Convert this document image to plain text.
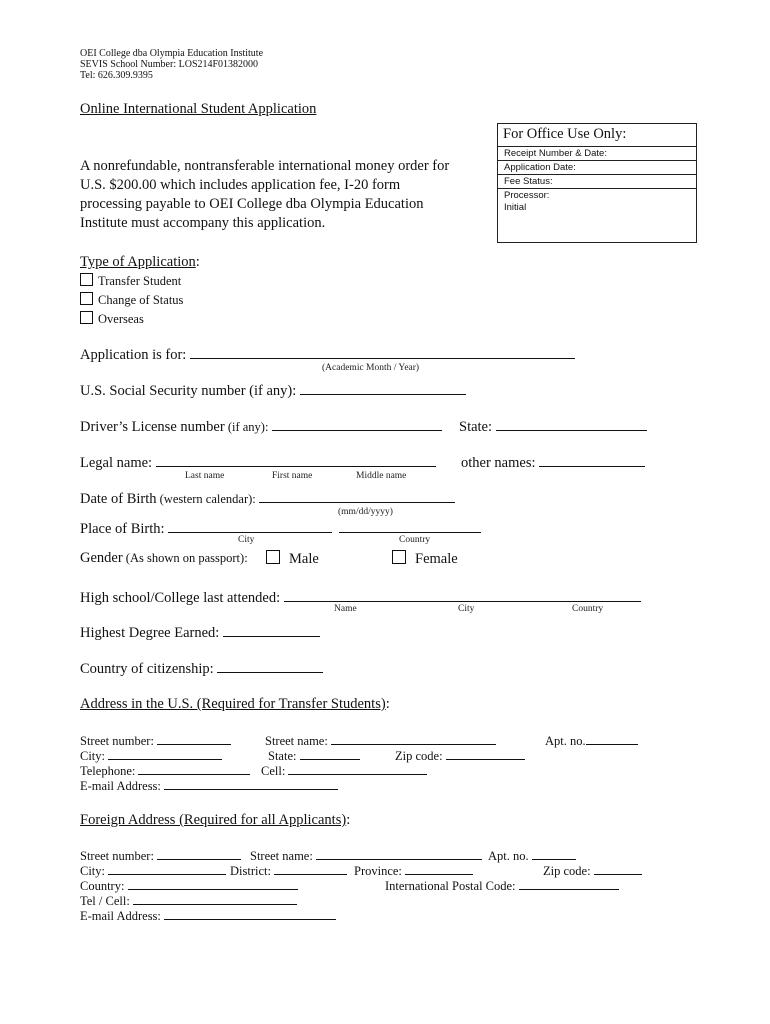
OEI College dba Olympia Education Institute
SEVIS School Number: LOS214F01382000
Tel: 626.309.9395
Online International Student Application
For Office Use Only:
Receipt Number & Date:
Application Date:
Fee Status:
Processor:
Initial
A nonrefundable, nontransferable international money order for
U.S. $200.00 which includes application fee, I-20 form
processing payable to OEI College dba Olympia Education
Institute must accompany this application.
Type of Application:
Transfer Student
Change of Status
Overseas
Application is for:
(Academic Month / Year)
U.S. Social Security number (if any):
Driver’s License number (if any):	State:
Legal name:
Last name	First name	Middle name
other names:
Date of Birth (western calendar):
(mm/dd/yyyy)
Place of Birth:
City	Country
Gender (As shown on passport):	Male	Female
High school/College last attended:
Name	City	Country
Highest Degree Earned:
Country of citizenship:
Address in the U.S. (Required for Transfer Students):
Street number:	Street name:	Apt. no.
City:	State:	Zip code:
Telephone:	Cell:
E-mail Address:
Foreign Address (Required for all Applicants):
Street number:	Street name:	Apt. no.
City:	District:	Province:	Zip code:
Country:	International Postal Code:
Tel / Cell:
E-mail Address:
